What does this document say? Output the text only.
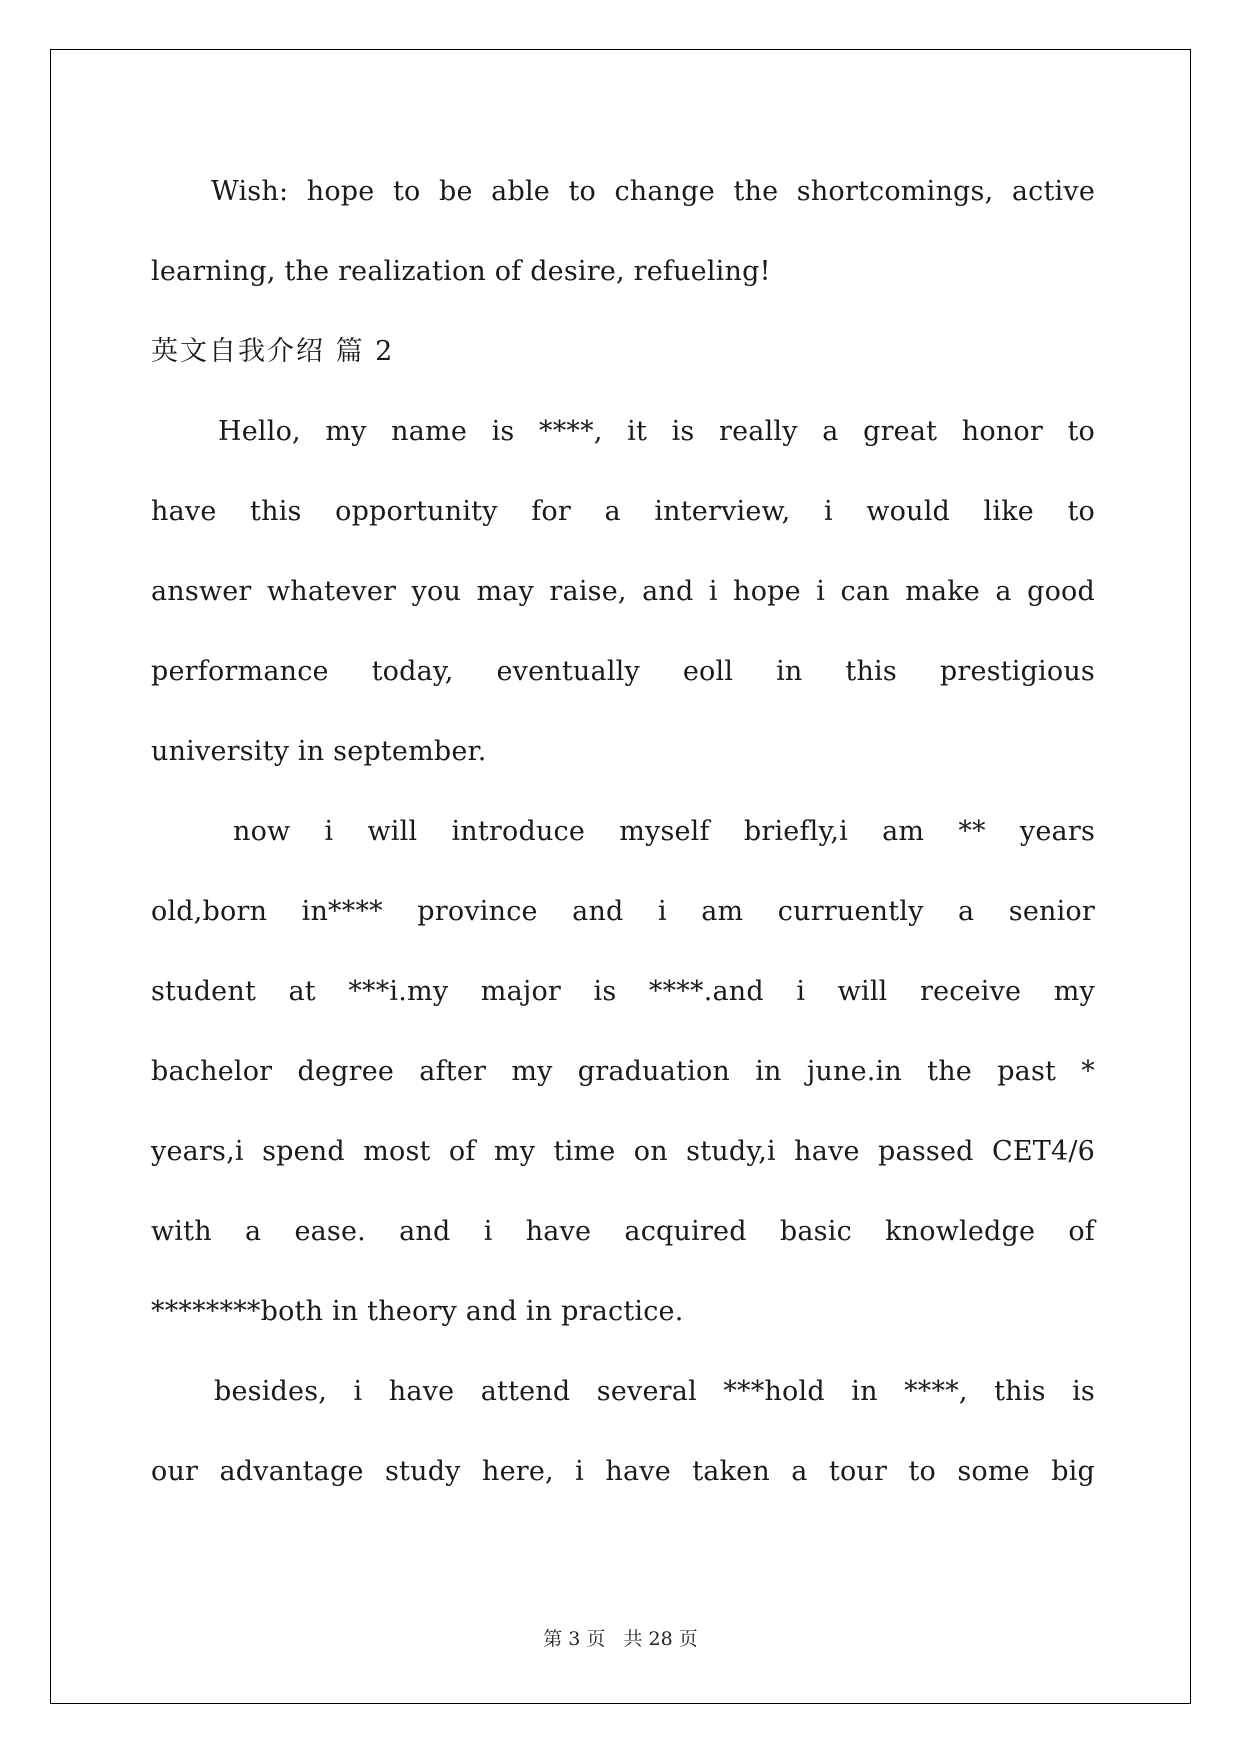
Wish: hope to be able to change the shortcomings, active
learning, the realization of desire, refueling!
英文自我介绍 篇 2
Hello, my name is ****, it is really a great honor to
have this opportunity for a interview, i would like to
answer whatever you may raise, and i hope i can make a good
performance today, eventually eoll in this prestigious
university in september.
now i will introduce myself briefly,i am ** years
old,born in**** province and i am curruently a senior
student at ***i.my major is ****.and i will receive my
bachelor degree after my graduation in june.in the past *
years,i spend most of my time on study,i have passed CET4/6
with a ease. and i have acquired basic knowledge of
********both in theory and in practice.
besides, i have attend several ***hold in ****, this is
our advantage study here, i have taken a tour to some big
第 3 页   共 28 页
